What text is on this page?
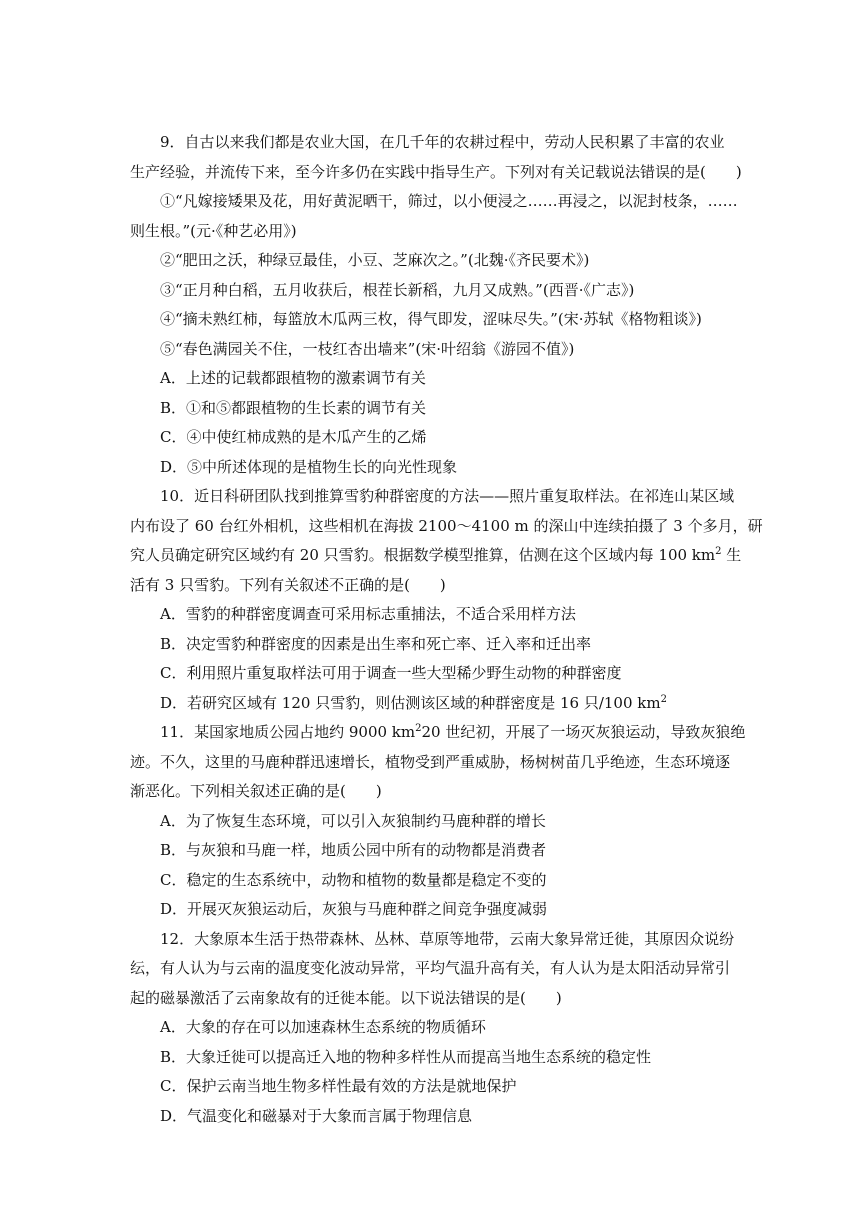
9．自古以来我们都是农业大国，在几千年的农耕过程中，劳动人民积累了丰富的农业
生产经验，并流传下来，至今许多仍在实践中指导生产。下列对有关记载说法错误的是(　　)
①“凡嫁接矮果及花，用好黄泥晒干，筛过，以小便浸之……再浸之，以泥封枝条，……
则生根。”(元·《种艺必用》)
②“肥田之沃，种绿豆最佳，小豆、芝麻次之。”(北魏·《齐民要术》)
③“正月种白稻，五月收获后，根茬长新稻，九月又成熟。”(西晋·《广志》)
④“摘未熟红柿，每篮放木瓜两三枚，得气即发，涩味尽失。”(宋·苏轼《格物粗谈》)
⑤“春色满园关不住，一枝红杏出墙来”(宋·叶绍翁《游园不值》)
A．上述的记载都跟植物的激素调节有关
B．①和⑤都跟植物的生长素的调节有关
C．④中使红柿成熟的是木瓜产生的乙烯
D．⑤中所述体现的是植物生长的向光性现象
10．近日科研团队找到推算雪豹种群密度的方法——照片重复取样法。在祁连山某区域
内布设了 60 台红外相机，这些相机在海拔 2100～4100 m 的深山中连续拍摄了 3 个多月，研
究人员确定研究区域约有 20 只雪豹。根据数学模型推算，估测在这个区域内每 100 $km^2$ 生
活有 3 只雪豹。下列有关叙述不正确的是(　　)
A．雪豹的种群密度调查可采用标志重捕法，不适合采用样方法
B．决定雪豹种群密度的因素是出生率和死亡率、迁入率和迁出率
C．利用照片重复取样法可用于调查一些大型稀少野生动物的种群密度
D．若研究区域有 120 只雪豹，则估测该区域的种群密度是 16 只/100 $km^2$
11．某国家地质公园占地约 9000 $km^220$ 世纪初，开展了一场灭灰狼运动，导致灰狼绝
迹。不久，这里的马鹿种群迅速增长，植物受到严重威胁，杨树树苗几乎绝迹，生态环境逐
渐恶化。下列相关叙述正确的是(　　)
A．为了恢复生态环境，可以引入灰狼制约马鹿种群的增长
B．与灰狼和马鹿一样，地质公园中所有的动物都是消费者
C．稳定的生态系统中，动物和植物的数量都是稳定不变的
D．开展灭灰狼运动后，灰狼与马鹿种群之间竞争强度减弱
12．大象原本生活于热带森林、丛林、草原等地带，云南大象异常迁徙，其原因众说纷
纭，有人认为与云南的温度变化波动异常，平均气温升高有关，有人认为是太阳活动异常引
起的磁暴激活了云南象故有的迁徙本能。以下说法错误的是(　　)
A．大象的存在可以加速森林生态系统的物质循环
B．大象迁徙可以提高迁入地的物种多样性从而提高当地生态系统的稳定性
C．保护云南当地生物多样性最有效的方法是就地保护
D．气温变化和磁暴对于大象而言属于物理信息
